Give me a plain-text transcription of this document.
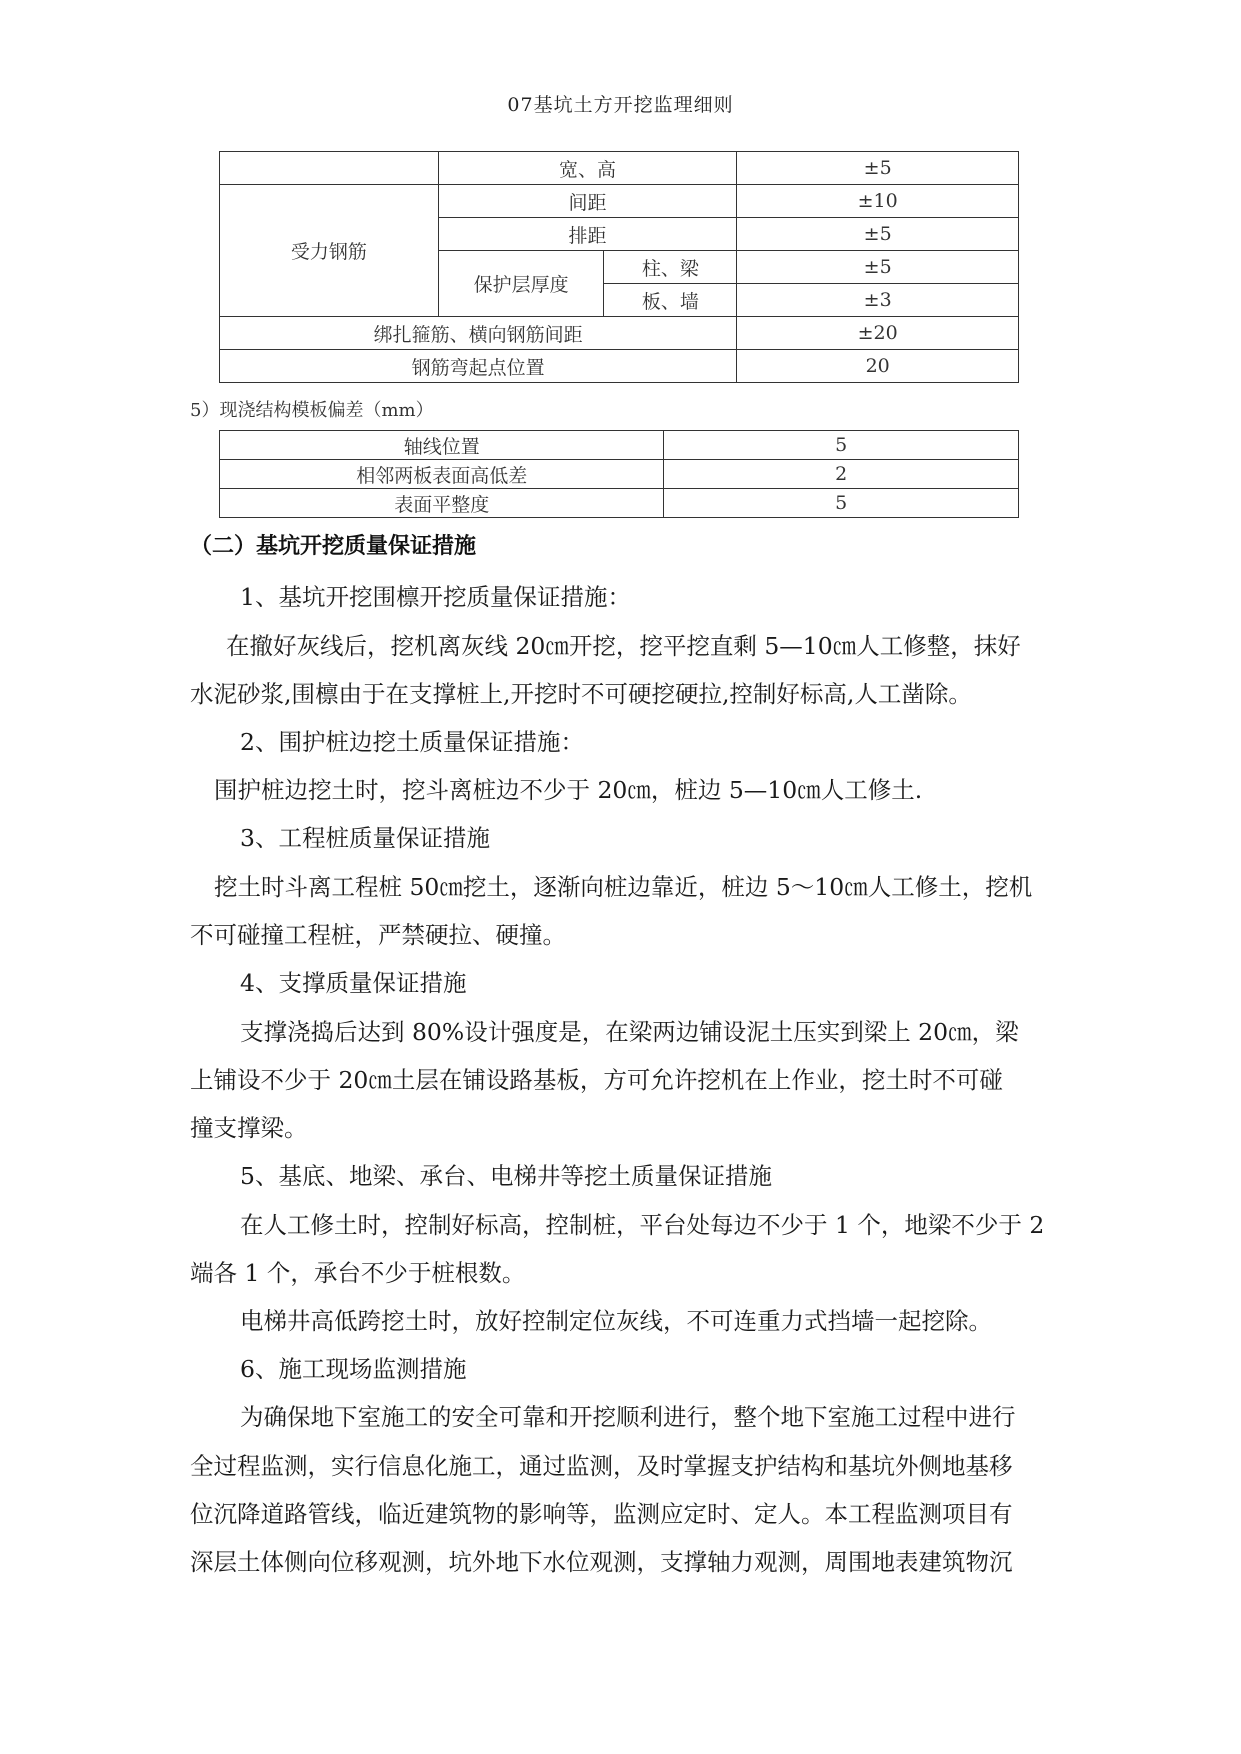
07基坑土方开挖监理细则
	宽、高		±5
受力钢筋	间距		±10
	排距		±5
	保护层厚度	柱、梁	±5
		板、墙	±3
绑扎箍筋、横向钢筋间距			±20
钢筋弯起点位置			20
5）现浇结构模板偏差（mm）
轴线位置	5
相邻两板表面高低差	2
表面平整度	5
（二）基坑开挖质量保证措施
1、基坑开挖围檩开挖质量保证措施：
在撤好灰线后，挖机离灰线 20㎝开挖，挖平挖直剩 5—10㎝人工修整，抹好
水泥砂浆,围檩由于在支撑桩上,开挖时不可硬挖硬拉,控制好标高,人工凿除。
2、围护桩边挖土质量保证措施：
围护桩边挖土时，挖斗离桩边不少于 20㎝，桩边 5—10㎝人工修土.
3、工程桩质量保证措施
挖土时斗离工程桩 50㎝挖土，逐渐向桩边靠近，桩边 5～10㎝人工修土，挖机
不可碰撞工程桩，严禁硬拉、硬撞。
4、支撑质量保证措施
支撑浇捣后达到 80%设计强度是，在梁两边铺设泥土压实到梁上 20㎝，梁
上铺设不少于 20㎝土层在铺设路基板，方可允许挖机在上作业，挖土时不可碰
撞支撑梁。
5、基底、地梁、承台、电梯井等挖土质量保证措施
在人工修土时，控制好标高，控制桩，平台处每边不少于 1 个，地梁不少于 2
端各 1 个，承台不少于桩根数。
电梯井高低跨挖土时，放好控制定位灰线，不可连重力式挡墙一起挖除。
6、施工现场监测措施
为确保地下室施工的安全可靠和开挖顺利进行，整个地下室施工过程中进行
全过程监测，实行信息化施工，通过监测，及时掌握支护结构和基坑外侧地基移
位沉降道路管线，临近建筑物的影响等，监测应定时、定人。本工程监测项目有
深层土体侧向位移观测，坑外地下水位观测，支撑轴力观测，周围地表建筑物沉
